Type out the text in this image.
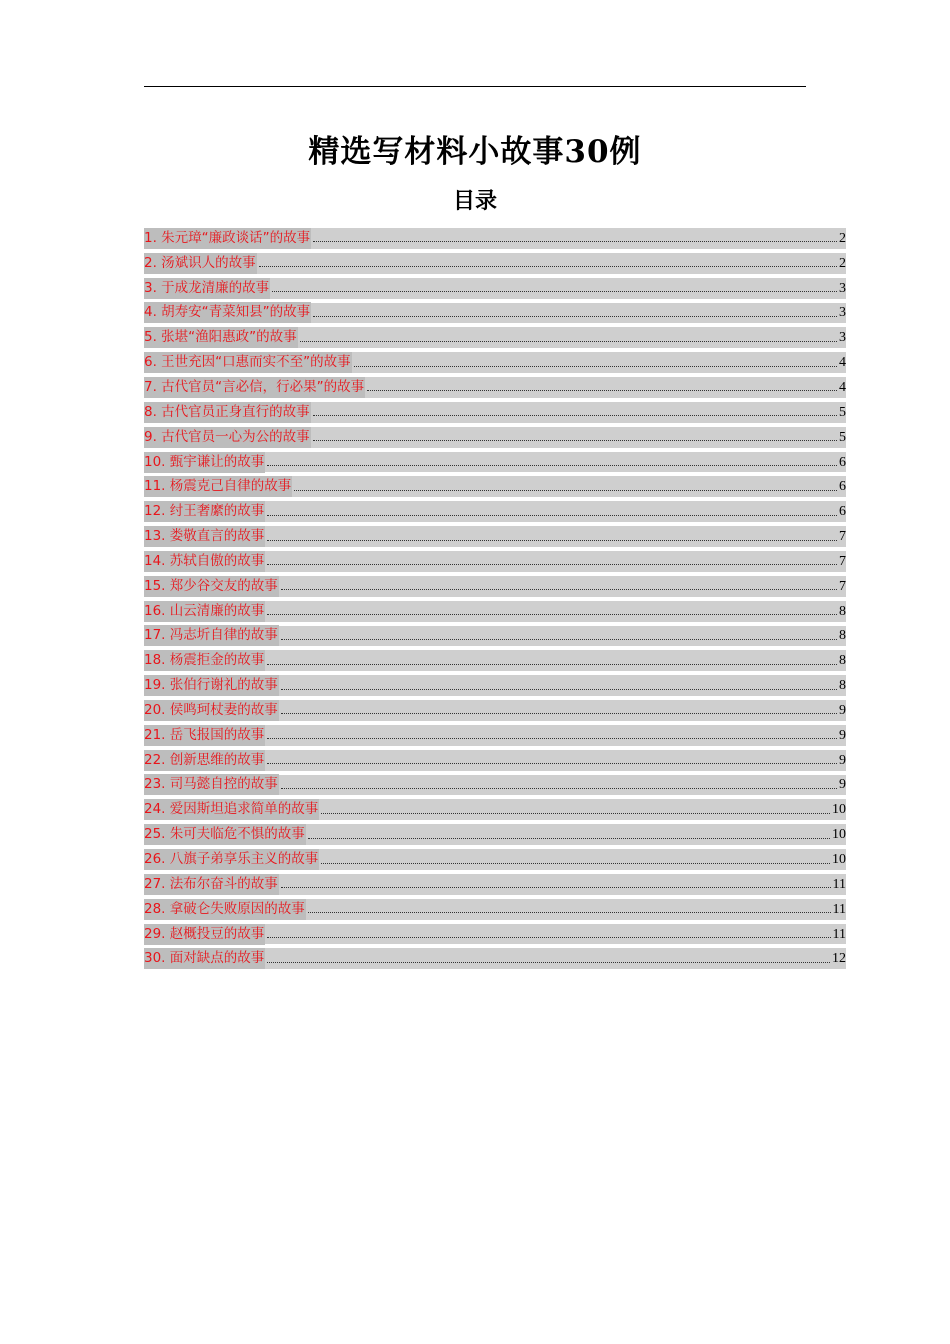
精选写材料小故事30例
目录
1. 朱元璋“廉政谈话”的故事	2
2. 汤斌识人的故事	2
3. 于成龙清廉的故事	3
4. 胡寿安“青菜知县”的故事	3
5. 张堪“渔阳惠政”的故事	3
6. 王世充因“口惠而实不至”的故事	4
7. 古代官员“言必信，行必果”的故事	4
8. 古代官员正身直行的故事	5
9. 古代官员一心为公的故事	5
10. 甄宇谦让的故事	6
11. 杨震克己自律的故事	6
12. 纣王奢縻的故事	6
13. 娄敬直言的故事	7
14. 苏轼自傲的故事	7
15. 郑少谷交友的故事	7
16. 山云清廉的故事	8
17. 冯志圻自律的故事	8
18. 杨震拒金的故事	8
19. 张伯行谢礼的故事	8
20. 侯鸣珂杖妻的故事	9
21. 岳飞报国的故事	9
22. 创新思维的故事	9
23. 司马懿自控的故事	9
24. 爱因斯坦追求简单的故事	10
25. 朱可夫临危不惧的故事	10
26. 八旗子弟享乐主义的故事	10
27. 法布尔奋斗的故事	11
28. 拿破仑失败原因的故事	11
29. 赵概投豆的故事	11
30. 面对缺点的故事	12
